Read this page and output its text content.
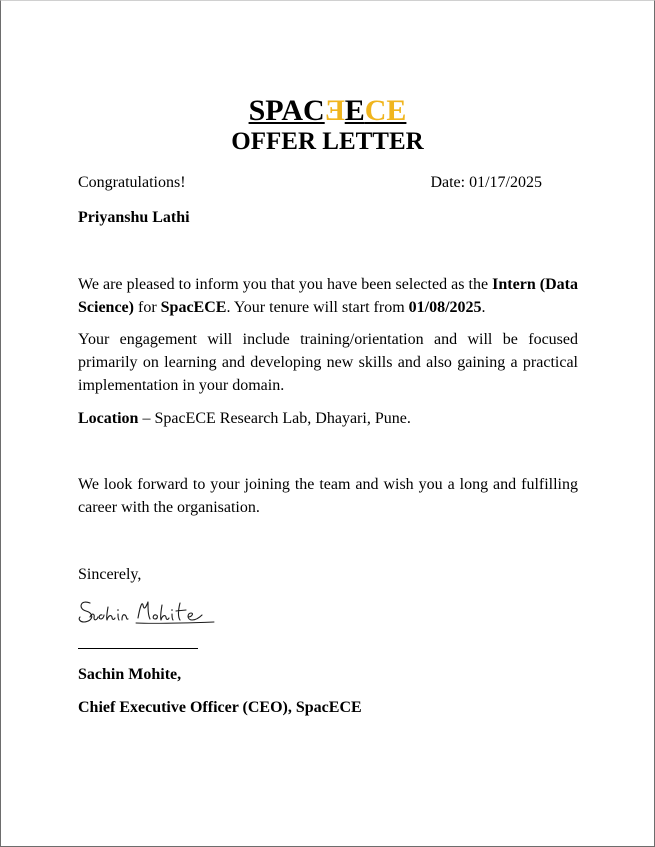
SPACEECE
OFFER LETTER
Congratulations!	Date: 01/17/2025
Priyanshu Lathi
We are pleased to inform you that you have been selected as the Intern (Data Science) for SpacECE. Your tenure will start from 01/08/2025.
Your engagement will include training/orientation and will be focused primarily on learning and developing new skills and also gaining a practical implementation in your domain.
Location – SpacECE Research Lab, Dhayari, Pune.
We look forward to your joining the team and wish you a long and fulfilling career with the organisation.
Sincerely,
Sachin Mohite,
Chief Executive Officer (CEO), SpacECE
